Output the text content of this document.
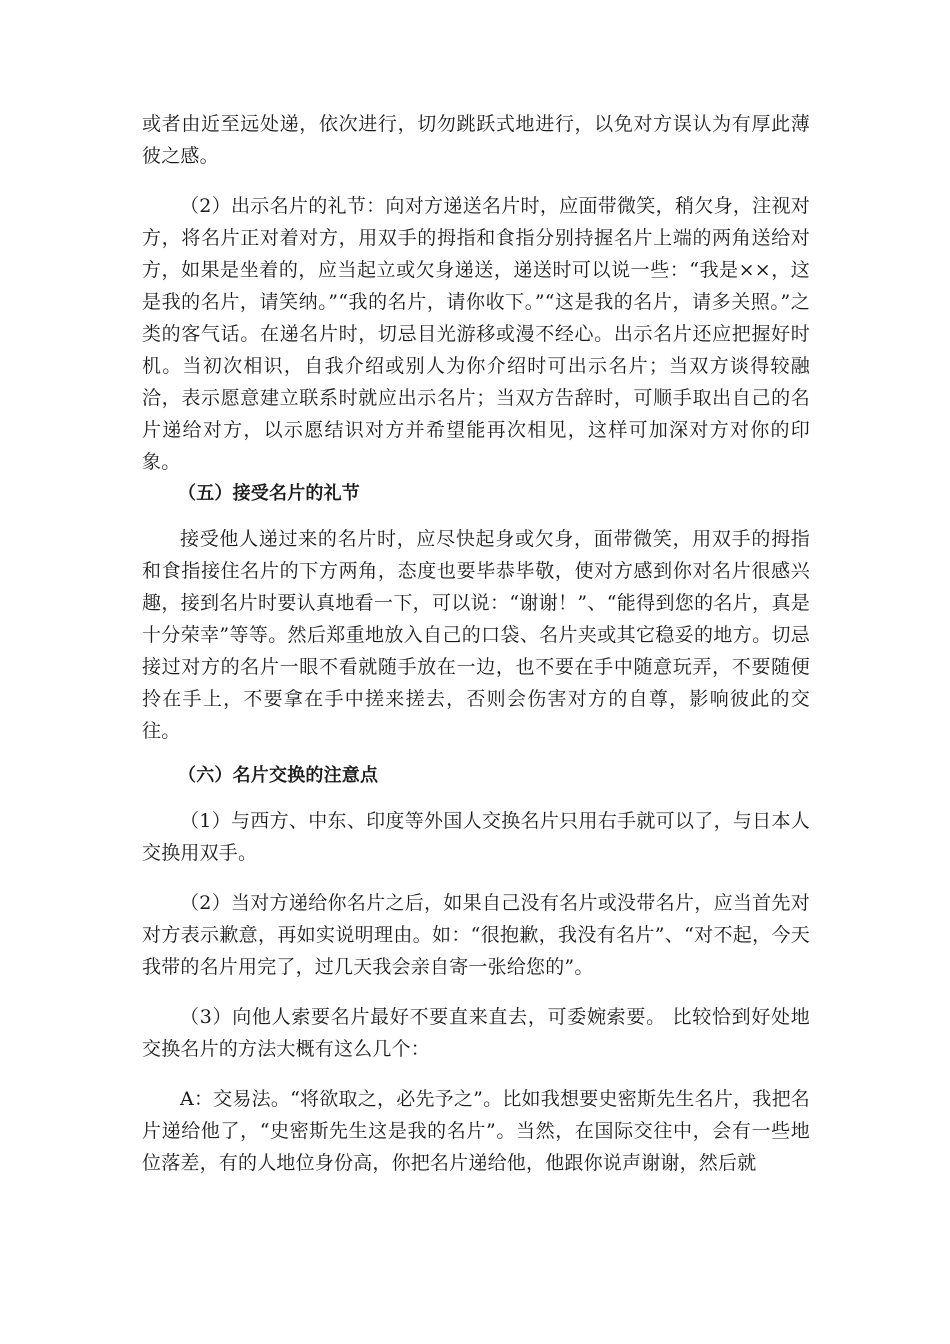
或者由近至远处递，依次进行，切勿跳跃式地进行，以免对方误认为有厚此薄彼之感。

（2）出示名片的礼节：向对方递送名片时，应面带微笑，稍欠身，注视对方，将名片正对着对方，用双手的拇指和食指分别持握名片上端的两角送给对方，如果是坐着的，应当起立或欠身递送，递送时可以说一些：“我是××，这是我的名片，请笑纳。”“我的名片，请你收下。”“这是我的名片，请多关照。”之类的客气话。在递名片时，切忌目光游移或漫不经心。出示名片还应把握好时机。当初次相识，自我介绍或别人为你介绍时可出示名片；当双方谈得较融洽，表示愿意建立联系时就应出示名片；当双方告辞时，可顺手取出自己的名片递给对方，以示愿结识对方并希望能再次相见，这样可加深对方对你的印象。

（五）接受名片的礼节

接受他人递过来的名片时，应尽快起身或欠身，面带微笑，用双手的拇指和食指接住名片的下方两角，态度也要毕恭毕敬，使对方感到你对名片很感兴趣，接到名片时要认真地看一下，可以说：“谢谢！”、“能得到您的名片，真是十分荣幸”等等。然后郑重地放入自己的口袋、名片夹或其它稳妥的地方。切忌接过对方的名片一眼不看就随手放在一边，也不要在手中随意玩弄，不要随便拎在手上，不要拿在手中搓来搓去，否则会伤害对方的自尊，影响彼此的交往。

（六）名片交换的注意点

（1）与西方、中东、印度等外国人交换名片只用右手就可以了，与日本人交换用双手。

（2）当对方递给你名片之后，如果自己没有名片或没带名片，应当首先对对方表示歉意，再如实说明理由。如：“很抱歉，我没有名片”、“对不起，今天我带的名片用完了，过几天我会亲自寄一张给您的”。

（3）向他人索要名片最好不要直来直去，可委婉索要。 比较恰到好处地交换名片的方法大概有这么几个：

A：交易法。“将欲取之，必先予之”。比如我想要史密斯先生名片，我把名片递给他了，“史密斯先生这是我的名片”。当然，在国际交往中，会有一些地位落差，有的人地位身份高，你把名片递给他，他跟你说声谢谢，然后就
